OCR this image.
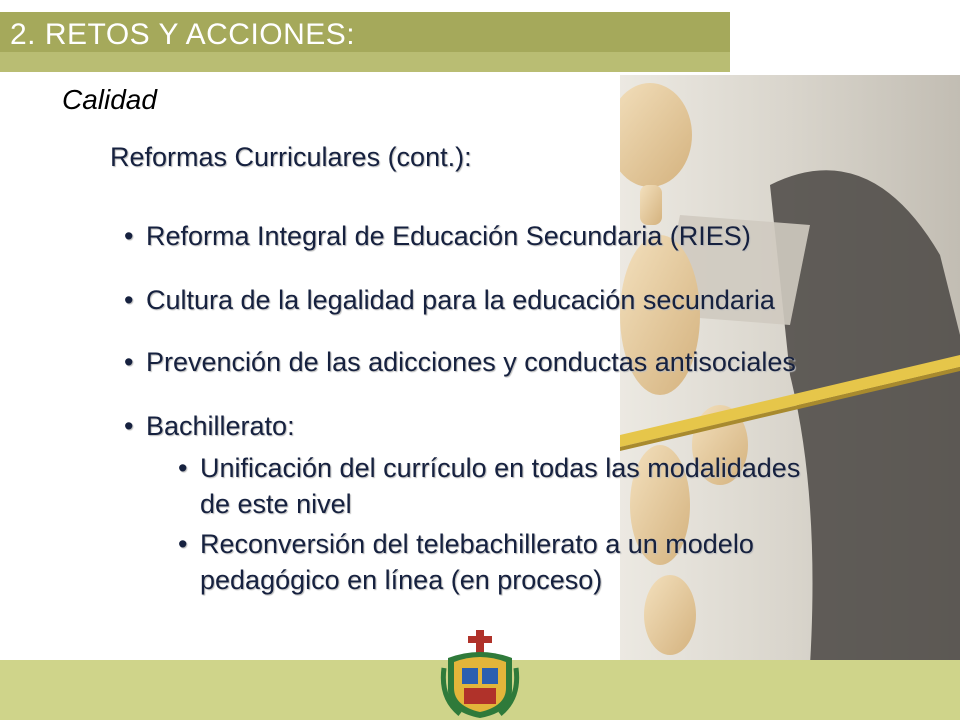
2. RETOS Y ACCIONES:
Calidad
Reformas Curriculares (cont.):
• Reforma Integral de Educación Secundaria (RIES)
• Cultura de la legalidad para la educación secundaria
• Prevención de las adicciones y conductas antisociales
• Bachillerato:
• Unificación del currículo en todas las modalidades
de este nivel
• Reconversión del telebachillerato a un modelo
pedagógico en línea (en proceso)
